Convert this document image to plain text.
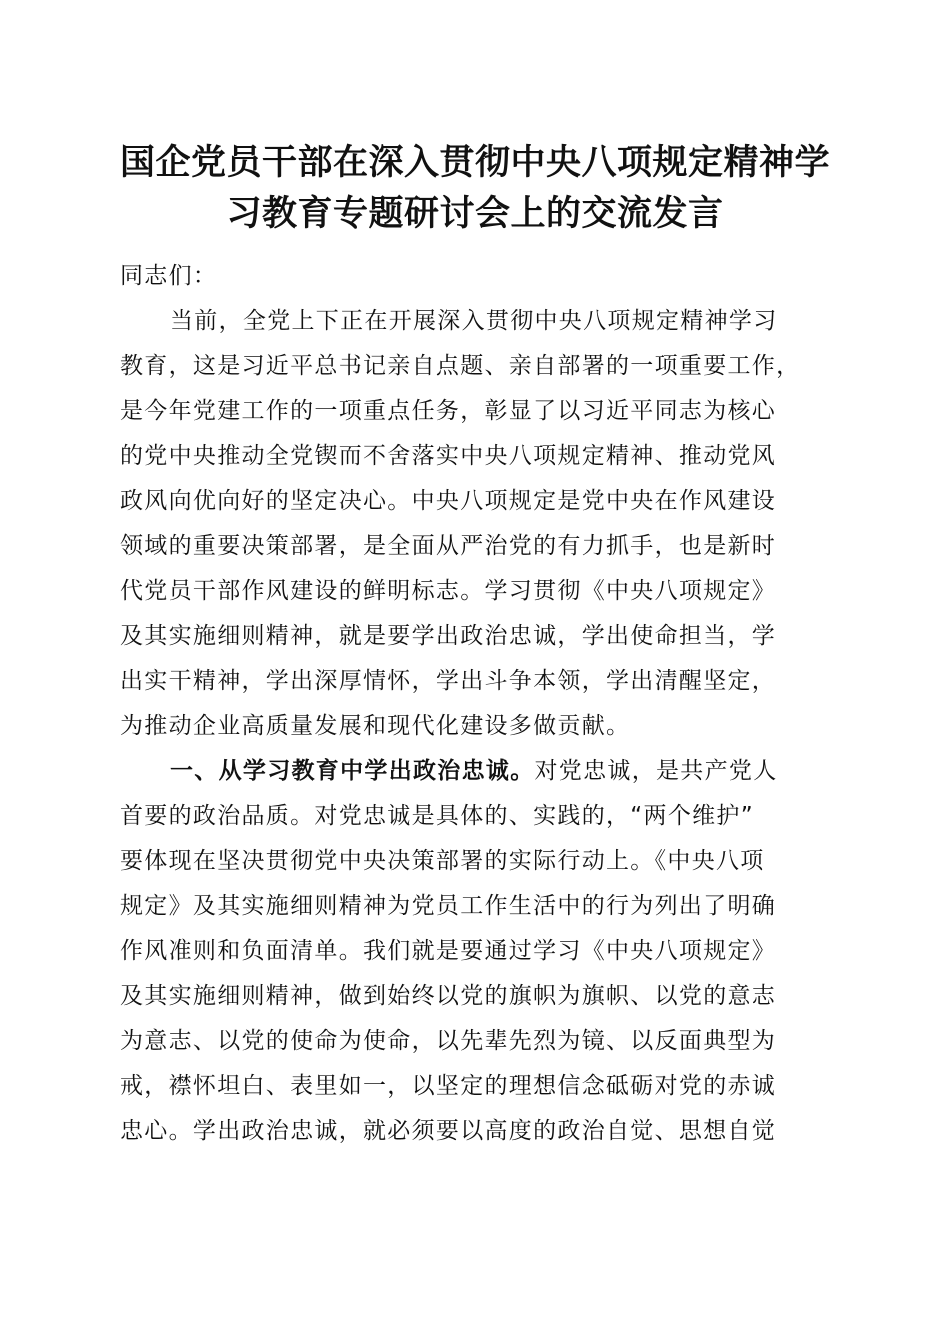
国企党员干部在深入贯彻中央八项规定精神学
习教育专题研讨会上的交流发言

同志们：

当前，全党上下正在开展深入贯彻中央八项规定精神学习
教育，这是习近平总书记亲自点题、亲自部署的一项重要工作，
是今年党建工作的一项重点任务，彰显了以习近平同志为核心
的党中央推动全党锲而不舍落实中央八项规定精神、推动党风
政风向优向好的坚定决心。中央八项规定是党中央在作风建设
领域的重要决策部署，是全面从严治党的有力抓手，也是新时
代党员干部作风建设的鲜明标志。学习贯彻《中央八项规定》
及其实施细则精神，就是要学出政治忠诚，学出使命担当，学
出实干精神，学出深厚情怀，学出斗争本领，学出清醒坚定，
为推动企业高质量发展和现代化建设多做贡献。

一、从学习教育中学出政治忠诚。对党忠诚，是共产党人
首要的政治品质。对党忠诚是具体的、实践的，“两个维护”
要体现在坚决贯彻党中央决策部署的实际行动上。《中央八项
规定》及其实施细则精神为党员工作生活中的行为列出了明确
作风准则和负面清单。我们就是要通过学习《中央八项规定》
及其实施细则精神，做到始终以党的旗帜为旗帜、以党的意志
为意志、以党的使命为使命，以先辈先烈为镜、以反面典型为
戒，襟怀坦白、表里如一，以坚定的理想信念砥砺对党的赤诚
忠心。学出政治忠诚，就必须要以高度的政治自觉、思想自觉
